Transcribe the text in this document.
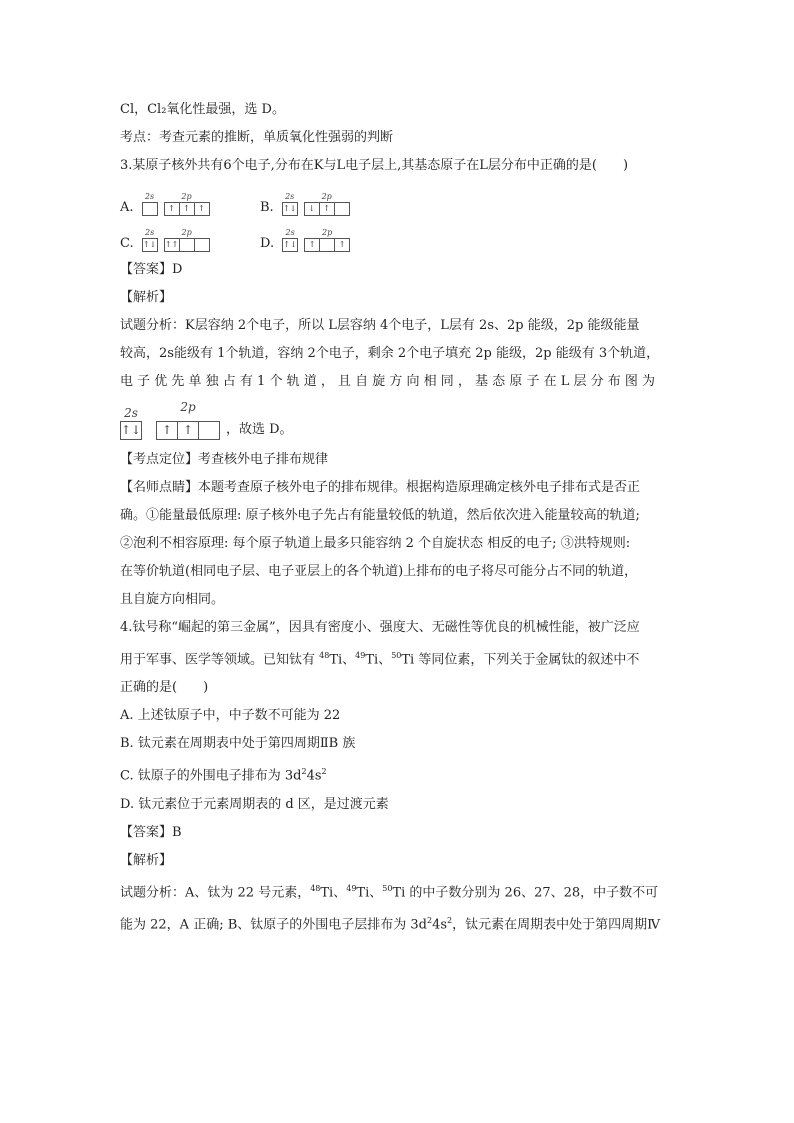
Cl，Cl₂氧化性最强，选 D。

考点：考查元素的推断，单质氧化性强弱的判断

3.某原子核外共有6个电子,分布在K与L电子层上,其基态原子在L层分布中正确的是(　　)

A.
2s	2p
↑	↑	↑	B.
2s
↑↓
2p
↓	↑
C.
2s
↑↓
2p
↑↑	D.
2s
↑↓
2p
↑	↑

【答案】D

【解析】

试题分析：K层容纳 2个电子，所以 L层容纳 4个电子，L层有 2s、2p 能级，2p 能级能量

较高，2s能级有 1个轨道，容纳 2个电子，剩余 2个电子填充 2p 能级，2p 能级有 3个轨道，

电 子 优 先 单 独 占 有 1 个 轨 道 ， 且 自 旋 方 向 相 同 ， 基 态 原 子 在 L 层 分 布 图 为

2s
↑↓
2p
↑ ↑	，故选 D。

【考点定位】考查核外电子排布规律

【名师点睛】本题考查原子核外电子的排布规律。根据构造原理确定核外电子排布式是否正

确。①能量最低原理: 原子核外电子先占有能量较低的轨道，然后依次进入能量较高的轨道;

②泡利不相容原理: 每个原子轨道上最多只能容纳 2 个自旋状态 相反的电子; ③洪特规则:

在等价轨道(相同电子层、电子亚层上的各个轨道)上排布的电子将尽可能分占不同的轨道，

且自旋方向相同。

4.钛号称“崛起的第三金属”，因具有密度小、强度大、无磁性等优良的机械性能，被广泛应

用于军事、医学等领域。已知钛有 $^{48}$Ti、$^{49}$Ti、$^{50}$Ti 等同位素，下列关于金属钛的叙述中不

正确的是(　　)

A. 上述钛原子中，中子数不可能为 22

B. 钛元素在周期表中处于第四周期ⅡB 族

C. 钛原子的外围电子排布为 $3d^24s^2$

D. 钛元素位于元素周期表的 d 区，是过渡元素

【答案】B

【解析】

试题分析：A、钛为 22 号元素，$^{48}$Ti、$^{49}$Ti、$^{50}$Ti 的中子数分别为 26、27、28，中子数不可

能为 22，A 正确; B、钛原子的外围电子层排布为 $3d^24s^2$，钛元素在周期表中处于第四周期Ⅳ
